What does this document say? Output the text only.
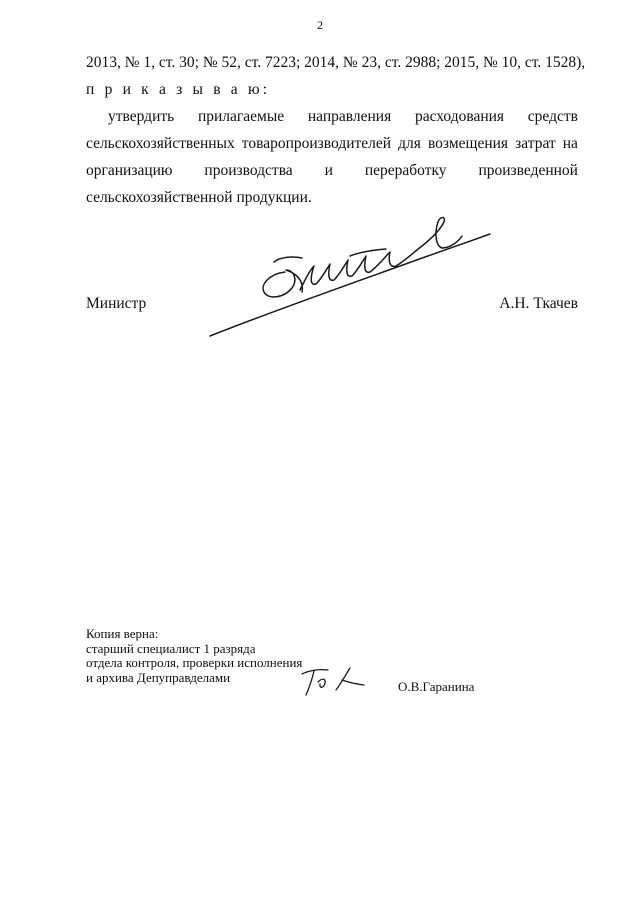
2
2013, № 1, ст. 30; № 52, ст. 7223; 2014, № 23, ст. 2988; 2015, № 10, ст. 1528),
п р и к а з ы в а ю:
утвердить прилагаемые направления расходования средств
сельскохозяйственных товаропроизводителей для возмещения затрат на
организацию производства и переработку произведенной
сельскохозяйственной продукции.
Министр	А.Н. Ткачев
Копия верна:
старший специалист 1 разряда
отдела контроля, проверки исполнения
и архива Депуправделами
О.В.Гаранина
